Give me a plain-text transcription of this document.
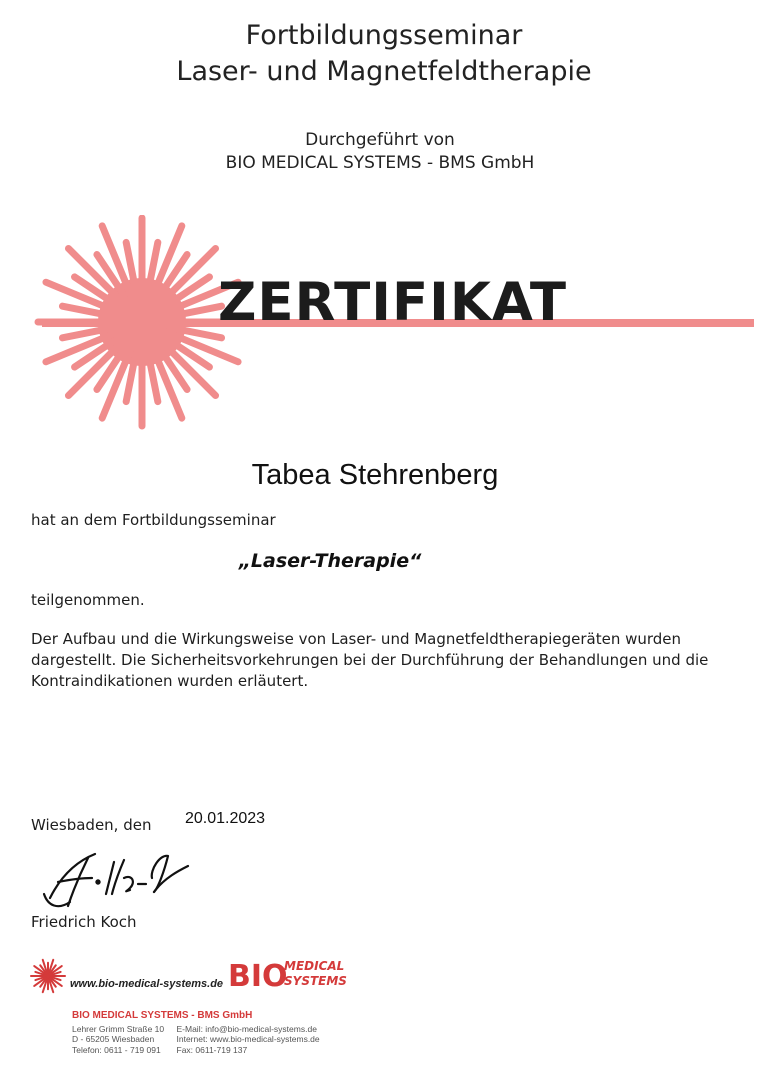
Fortbildungsseminar
Laser- und Magnetfeldtherapie
Durchgeführt von
BIO MEDICAL SYSTEMS - BMS GmbH
ZERTIFIKAT
Tabea Stehrenberg
hat an dem Fortbildungsseminar
„Laser-Therapie“
teilgenommen.
Der Aufbau und die Wirkungsweise von Laser- und Magnetfeldtherapiegeräten wurden dargestellt. Die Sicherheitsvorkehrungen bei der Durchführung der Behandlungen und die Kontraindikationen wurden erläutert.
Wiesbaden, den 20.01.2023
Friedrich Koch
www.bio-medical-systems.de BIO
MEDICAL
SYSTEMS
BIO MEDICAL SYSTEMS - BMS GmbH
Lehrer Grimm Straße 10
D - 65205 Wiesbaden
Telefon: 0611 - 719 091 E-Mail: info@bio-medical-systems.de
Internet: www.bio-medical-systems.de
Fax: 0611-719 137
